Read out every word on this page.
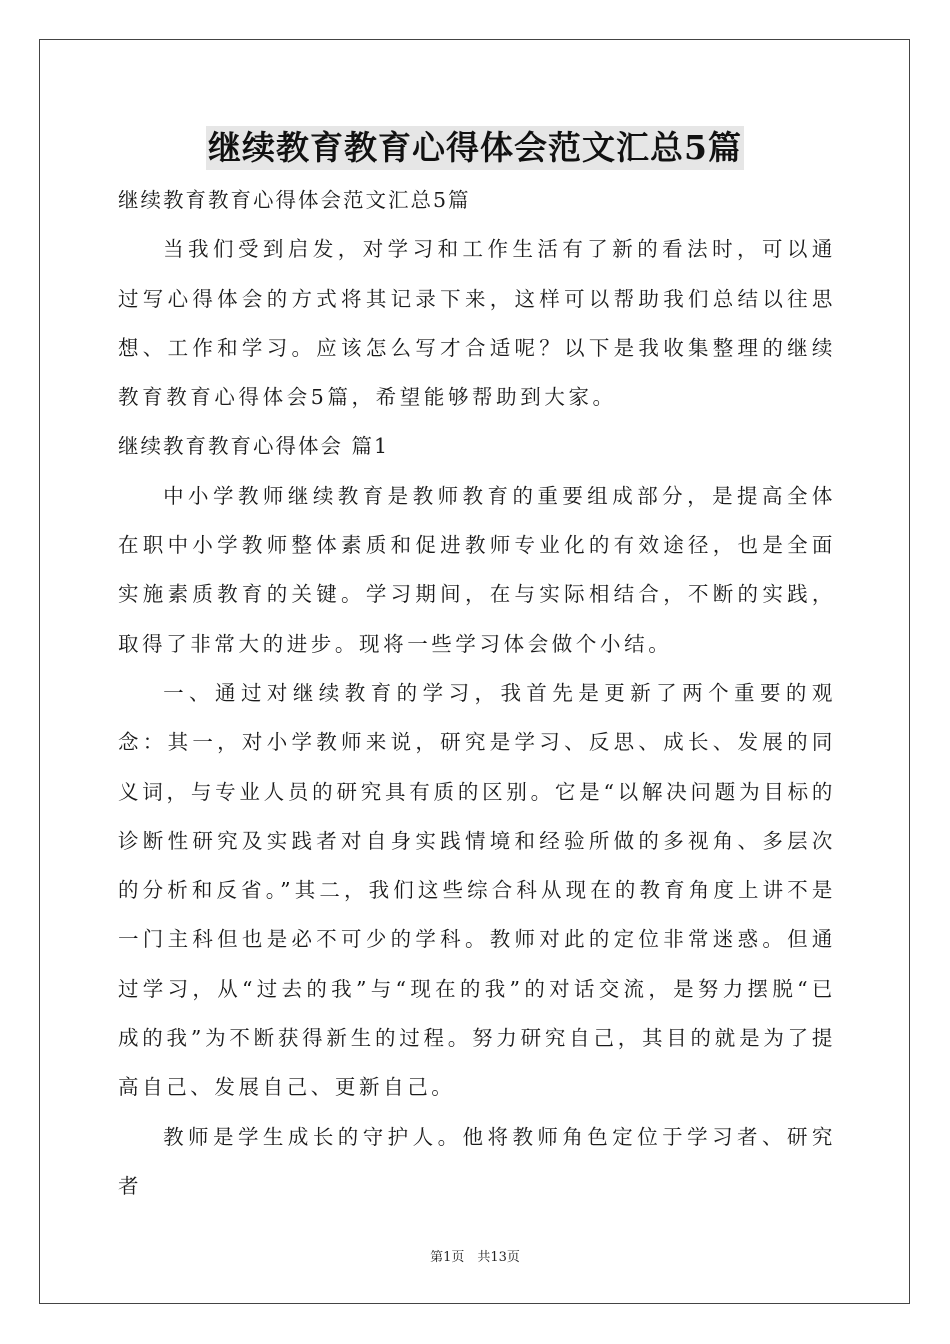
继续教育教育心得体会范文汇总5篇

继续教育教育心得体会范文汇总5篇

当我们受到启发，对学习和工作生活有了新的看法时，可以通过写心得体会的方式将其记录下来，这样可以帮助我们总结以往思想、工作和学习。应该怎么写才合适呢？以下是我收集整理的继续教育教育心得体会5篇，希望能够帮助到大家。

继续教育教育心得体会 篇1

中小学教师继续教育是教师教育的重要组成部分，是提高全体在职中小学教师整体素质和促进教师专业化的有效途径，也是全面实施素质教育的关键。学习期间，在与实际相结合，不断的实践，取得了非常大的进步。现将一些学习体会做个小结。

一、通过对继续教育的学习，我首先是更新了两个重要的观念：其一，对小学教师来说，研究是学习、反思、成长、发展的同义词，与专业人员的研究具有质的区别。它是“以解决问题为目标的诊断性研究及实践者对自身实践情境和经验所做的多视角、多层次的分析和反省。”其二，我们这些综合科从现在的教育角度上讲不是一门主科但也是必不可少的学科。教师对此的定位非常迷惑。但通过学习，从“过去的我”与“现在的我”的对话交流，是努力摆脱“已成的我”为不断获得新生的过程。努力研究自己，其目的就是为了提高自己、发展自己、更新自己。

教师是学生成长的守护人。他将教师角色定位于学习者、研究者

第1页　共13页
